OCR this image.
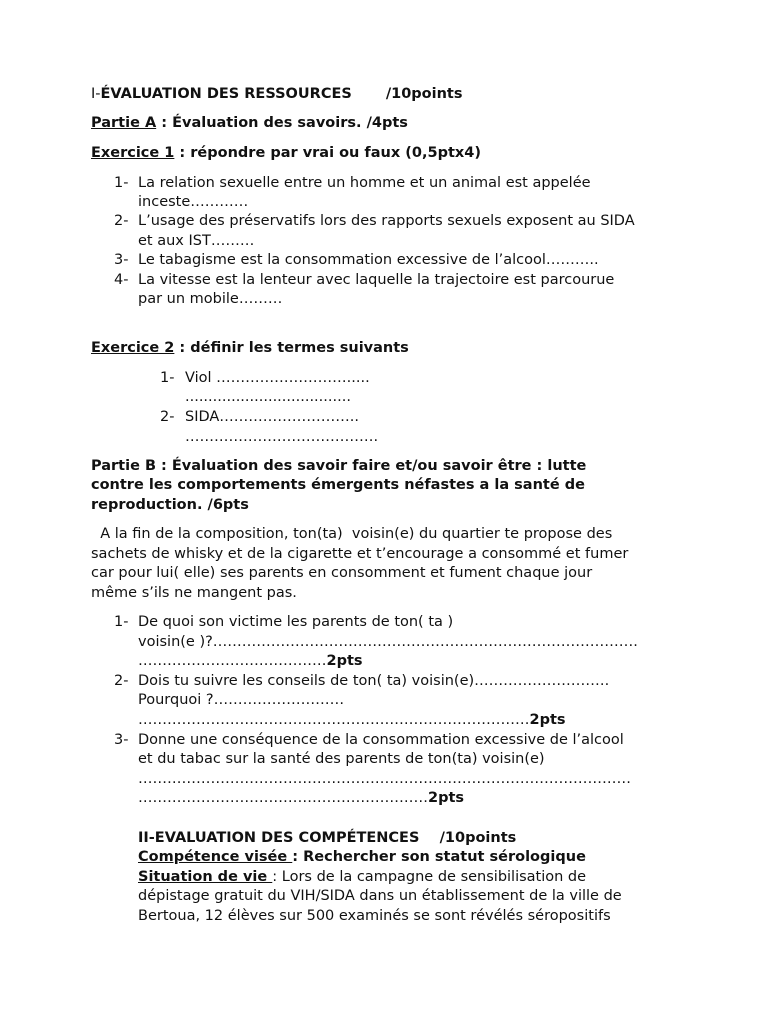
I-ÉVALUATION DES RESSOURCES /10points
Partie A : Évaluation des savoirs. /4pts
Exercice 1 : répondre par vrai ou faux (0,5ptx4)
1- La relation sexuelle entre un homme et un animal est appelée
inceste…………
2- L’usage des préservatifs lors des rapports sexuels exposent au SIDA
et aux IST………
3- Le tabagisme est la consommation excessive de l’alcool………..
4- La vitesse est la lenteur avec laquelle la trajectoire est parcourue
par un mobile………
Exercice 2 : définir les termes suivants
1- Viol ……………………….....
....................................
2- SIDA………………………..
………………………………….
Partie B : Évaluation des savoir faire et/ou savoir être : lutte
contre les comportements émergents néfastes a la santé de
reproduction. /6pts
A la fin de la composition, ton(ta)  voisin(e) du quartier te propose des
sachets de whisky et de la cigarette et t’encourage a consommé et fumer
car pour lui( elle) ses parents en consomment et fument chaque jour
même s’ils ne mangent pas.
1- De quoi son victime les parents de ton( ta )
voisin(e )?…………………………………………………………………………….
…………………………………2pts
2- Dois tu suivre les conseils de ton( ta) voisin(e)……………………….
Pourquoi ?………………………
………………………………………………………………………2pts
3- Donne une conséquence de la consommation excessive de l’alcool
et du tabac sur la santé des parents de ton(ta) voisin(e)
…………………………………………………………………………………………
……………………………………………………2pts
II-EVALUATION DES COMPÉTENCES    /10points
Compétence visée : Rechercher son statut sérologique
Situation de vie : Lors de la campagne de sensibilisation de
dépistage gratuit du VIH/SIDA dans un établissement de la ville de
Bertoua, 12 élèves sur 500 examinés se sont révélés séropositifs
